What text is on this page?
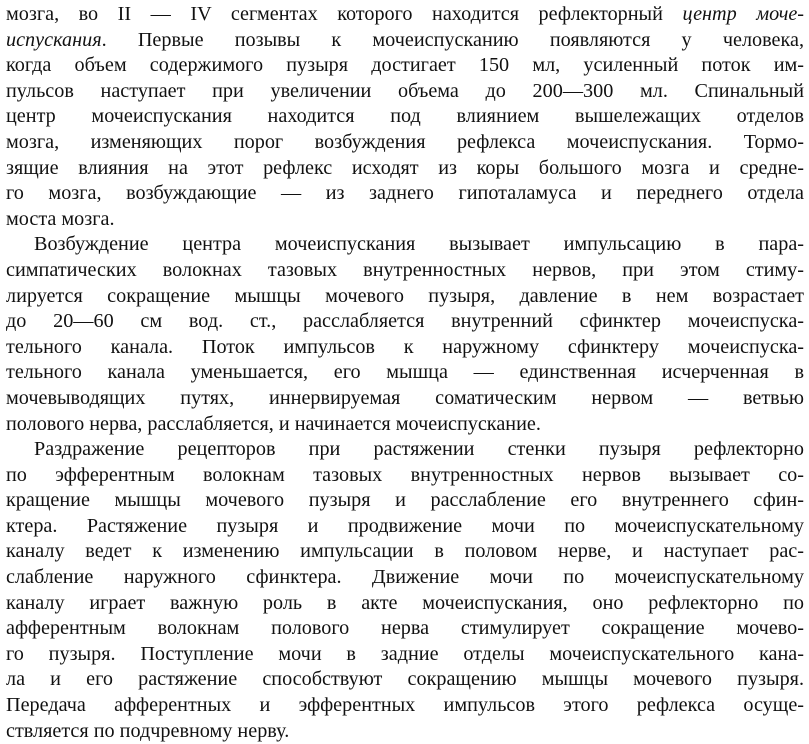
мозга, во II — IV сегментах которого находится рефлекторный центр моче-
испускания. Первые позывы к мочеиспусканию появляются у человека,
когда объем содержимого пузыря достигает 150 мл, усиленный поток им-
пульсов наступает при увеличении объема до 200—300 мл. Спинальный
центр мочеиспускания находится под влиянием вышележащих отделов
мозга, изменяющих порог возбуждения рефлекса мочеиспускания. Тормо-
зящие влияния на этот рефлекс исходят из коры большого мозга и средне-
го мозга, возбуждающие — из заднего гипоталамуса и переднего отдела
моста мозга.
Возбуждение центра мочеиспускания вызывает импульсацию в пара-
симпатических волокнах тазовых внутренностных нервов, при этом стиму-
лируется сокращение мышцы мочевого пузыря, давление в нем возрастает
до 20—60 см вод. ст., расслабляется внутренний сфинктер мочеиспуска-
тельного канала. Поток импульсов к наружному сфинктеру мочеиспуска-
тельного канала уменьшается, его мышца — единственная исчерченная в
мочевыводящих путях, иннервируемая соматическим нервом — ветвью
полового нерва, расслабляется, и начинается мочеиспускание.
Раздражение рецепторов при растяжении стенки пузыря рефлекторно
по эфферентным волокнам тазовых внутренностных нервов вызывает со-
кращение мышцы мочевого пузыря и расслабление его внутреннего сфин-
ктера. Растяжение пузыря и продвижение мочи по мочеиспускательному
каналу ведет к изменению импульсации в половом нерве, и наступает рас-
слабление наружного сфинктера. Движение мочи по мочеиспускательному
каналу играет важную роль в акте мочеиспускания, оно рефлекторно по
афферентным волокнам полового нерва стимулирует сокращение мочево-
го пузыря. Поступление мочи в задние отделы мочеиспускательного кана-
ла и его растяжение способствуют сокращению мышцы мочевого пузыря.
Передача афферентных и эфферентных импульсов этого рефлекса осуще-
ствляется по подчревному нерву.
